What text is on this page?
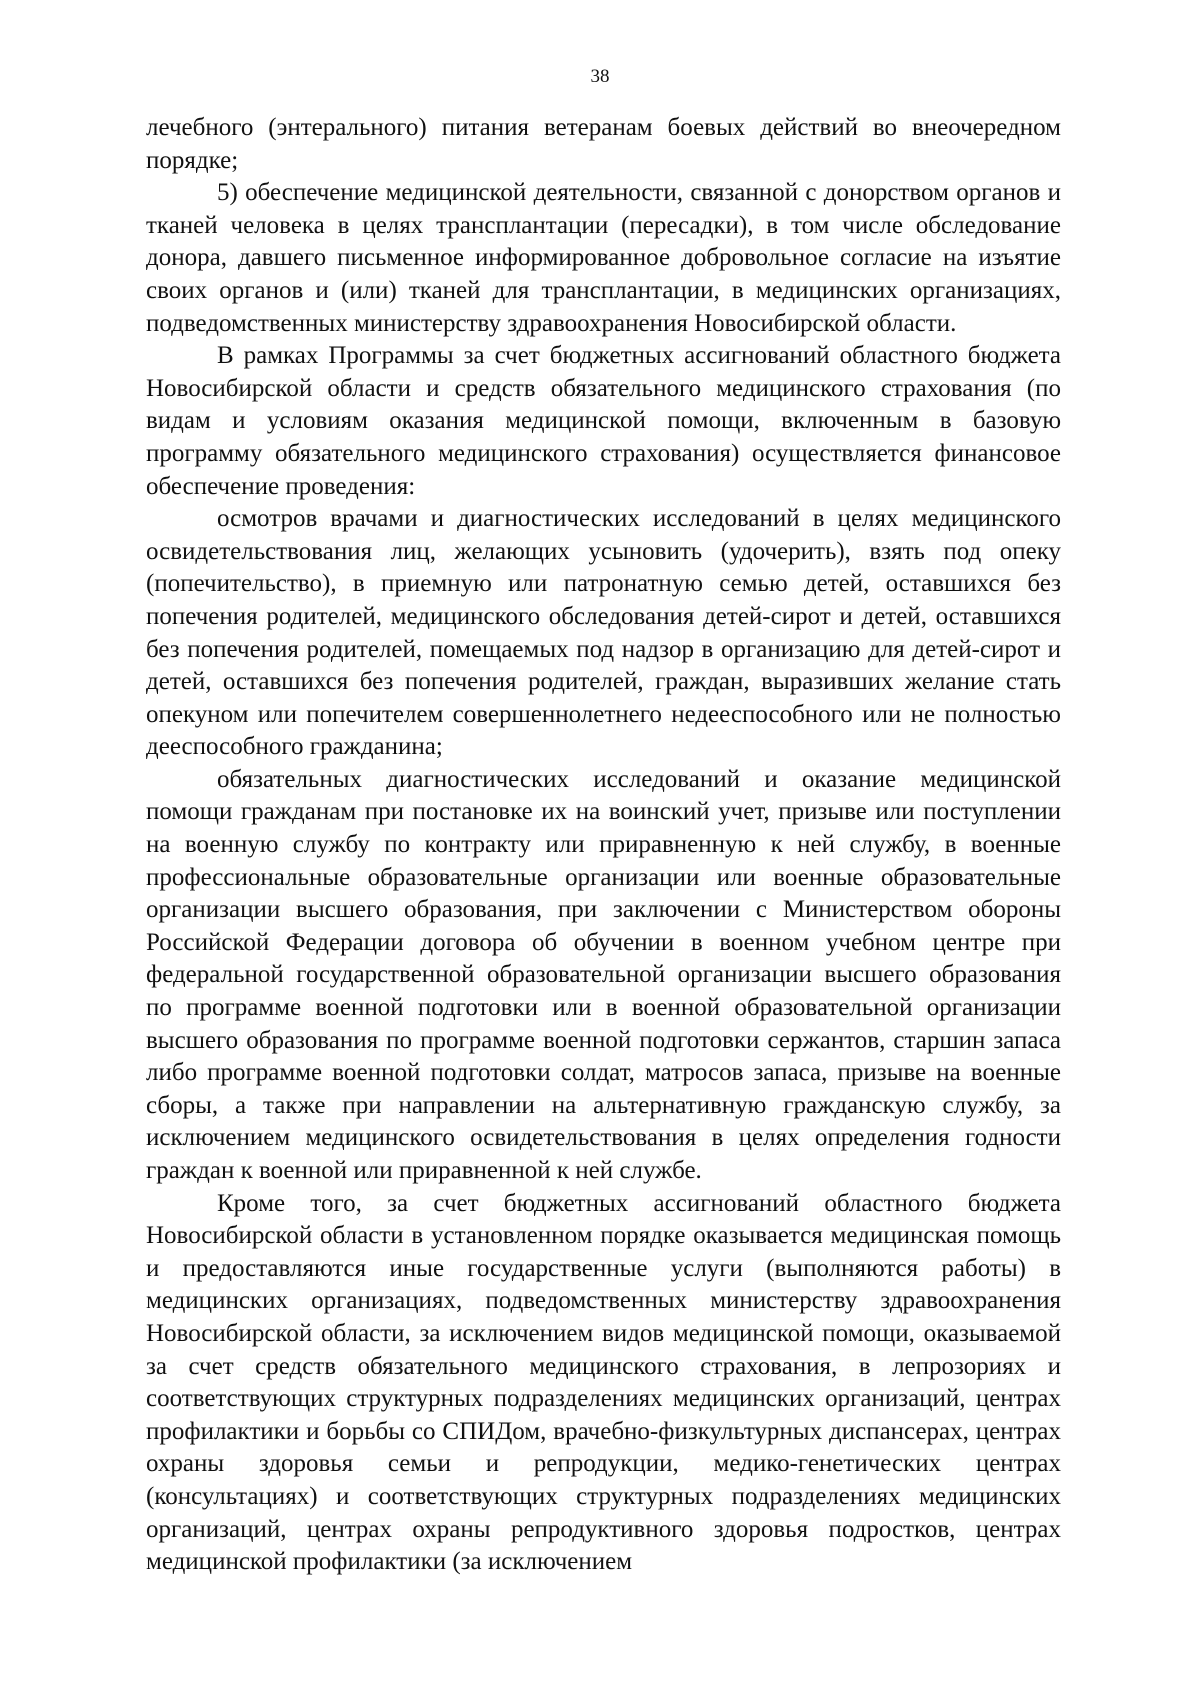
38

лечебного (энтерального) питания ветеранам боевых действий во внеочередном порядке;

5) обеспечение медицинской деятельности, связанной с донорством органов и тканей человека в целях трансплантации (пересадки), в том числе обследование донора, давшего письменное информированное добровольное согласие на изъятие своих органов и (или) тканей для трансплантации, в медицинских организациях, подведомственных министерству здравоохранения Новосибирской области.

В рамках Программы за счет бюджетных ассигнований областного бюджета Новосибирской области и средств обязательного медицинского страхования (по видам и условиям оказания медицинской помощи, включенным в базовую программу обязательного медицинского страхования) осуществляется финансовое обеспечение проведения:

осмотров врачами и диагностических исследований в целях медицинского освидетельствования лиц, желающих усыновить (удочерить), взять под опеку (попечительство), в приемную или патронатную семью детей, оставшихся без попечения родителей, медицинского обследования детей-сирот и детей, оставшихся без попечения родителей, помещаемых под надзор в организацию для детей-сирот и детей, оставшихся без попечения родителей, граждан, выразивших желание стать опекуном или попечителем совершеннолетнего недееспособного или не полностью дееспособного гражданина;

обязательных диагностических исследований и оказание медицинской помощи гражданам при постановке их на воинский учет, призыве или поступлении на военную службу по контракту или приравненную к ней службу, в военные профессиональные образовательные организации или военные образовательные организации высшего образования, при заключении с Министерством обороны Российской Федерации договора об обучении в военном учебном центре при федеральной государственной образовательной организации высшего образования по программе военной подготовки или в военной образовательной организации высшего образования по программе военной подготовки сержантов, старшин запаса либо программе военной подготовки солдат, матросов запаса, призыве на военные сборы, а также при направлении на альтернативную гражданскую службу, за исключением медицинского освидетельствования в целях определения годности граждан к военной или приравненной к ней службе.

Кроме того, за счет бюджетных ассигнований областного бюджета Новосибирской области в установленном порядке оказывается медицинская помощь и предоставляются иные государственные услуги (выполняются работы) в медицинских организациях, подведомственных министерству здравоохранения Новосибирской области, за исключением видов медицинской помощи, оказываемой за счет средств обязательного медицинского страхования, в лепрозориях и соответствующих структурных подразделениях медицинских организаций, центрах профилактики и борьбы со СПИДом, врачебно-физкультурных диспансерах, центрах охраны здоровья семьи и репродукции, медико-генетических центрах (консультациях) и соответствующих структурных подразделениях медицинских организаций, центрах охраны репродуктивного здоровья подростков, центрах медицинской профилактики (за исключением
